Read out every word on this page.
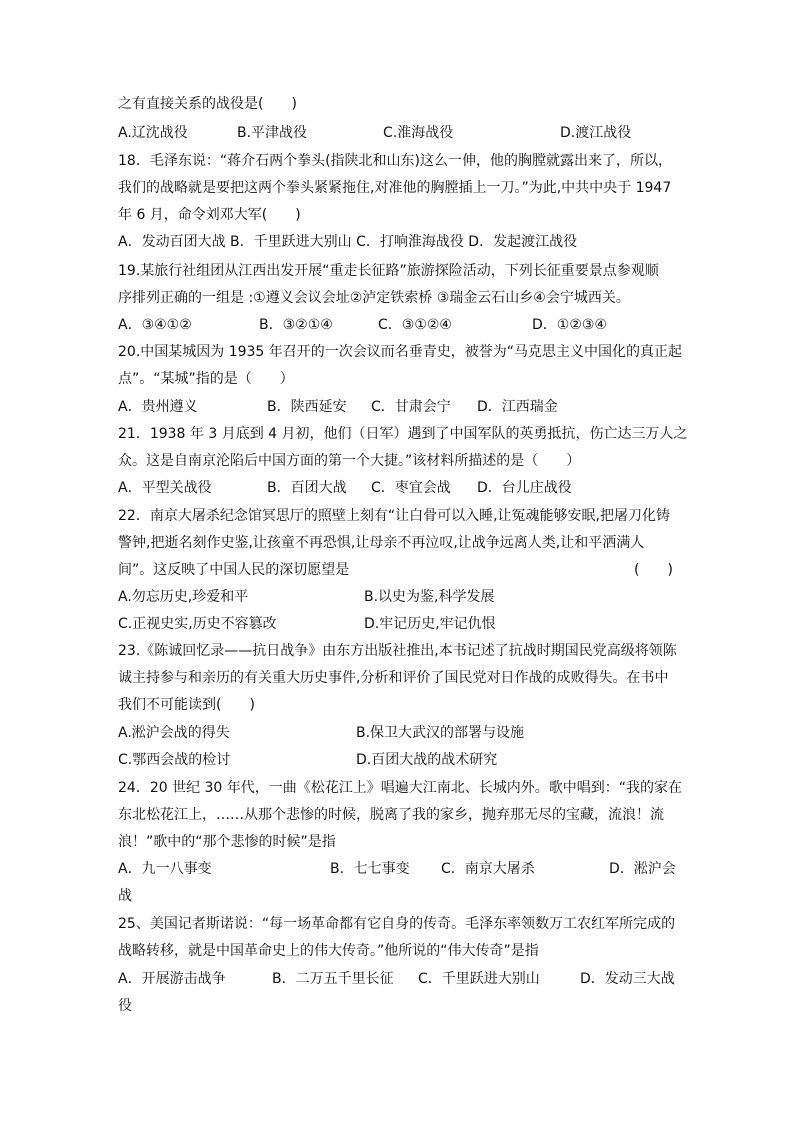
之有直接关系的战役是(　　)
A.辽沈战役	B.平津战役	C.淮海战役	D.渡江战役
18．毛泽东说：“蒋介石两个拳头(指陕北和山东)这么一伸，他的胸膛就露出来了，所以，
我们的战略就是要把这两个拳头紧紧拖住,对准他的胸膛插上一刀。”为此,中共中央于 1947
年 6 月，命令刘邓大军(　　)
A．发动百团大战 B．千里跃进大别山 C．打响淮海战役 D．发起渡江战役
19.某旅行社组团从江西出发开展“重走长征路”旅游探险活动，下列长征重要景点参观顺
序排列正确的一组是 :①遵义会议会址②泸定铁索桥 ③瑞金云石山乡④会宁城西关。
A．③④①②	B．③②①④	C．③①②④	D．①②③④
20.中国某城因为 1935 年召开的一次会议而名垂青史，被誉为“马克思主义中国化的真正起
点”。“某城”指的是（　　）
A．贵州遵义	B．陕西延安 C．甘肃会宁 D．江西瑞金
21．1938 年 3 月底到 4 月初，他们（日军）遇到了中国军队的英勇抵抗，伤亡达三万人之
众。这是自南京沦陷后中国方面的第一个大捷。”该材料所描述的是（　　）
A．平型关战役	B．百团大战 C．枣宜会战 D．台儿庄战役
22．南京大屠杀纪念馆冥思厅的照壁上刻有“让白骨可以入睡,让冤魂能够安眠,把屠刀化铸
警钟,把逝名刻作史鉴,让孩童不再恐惧,让母亲不再泣叹,让战争远离人类,让和平洒满人
间”。这反映了中国人民的深切愿望是	(　　)
A.勿忘历史,珍爱和平	B.以史为鉴,科学发展
C.正视史实,历史不容篡改	D.牢记历史,牢记仇恨
23.《陈诚回忆录——抗日战争》由东方出版社推出,本书记述了抗战时期国民党高级将领陈
诚主持参与和亲历的有关重大历史事件,分析和评价了国民党对日作战的成败得失。在书中
我们不可能读到(　　)
A.淞沪会战的得失	B.保卫大武汉的部署与设施
C.鄂西会战的检讨	D.百团大战的战术研究
24．20 世纪 30 年代，一曲《松花江上》唱遍大江南北、长城内外。歌中唱到：“我的家在
东北松花江上，……从那个悲惨的时候，脱离了我的家乡，抛弃那无尽的宝藏，流浪！流
浪！”歌中的“那个悲惨的时候”是指
A．九一八事变	B．七七事变 C．南京大屠杀	D．淞沪会
战
25、美国记者斯诺说：“每一场革命都有它自身的传奇。毛泽东率领数万工农红军所完成的
战略转移，就是中国革命史上的伟大传奇。”他所说的“伟大传奇”是指
A．开展游击战争	B．二万五千里长征 C．千里跃进大别山	D．发动三大战
役
